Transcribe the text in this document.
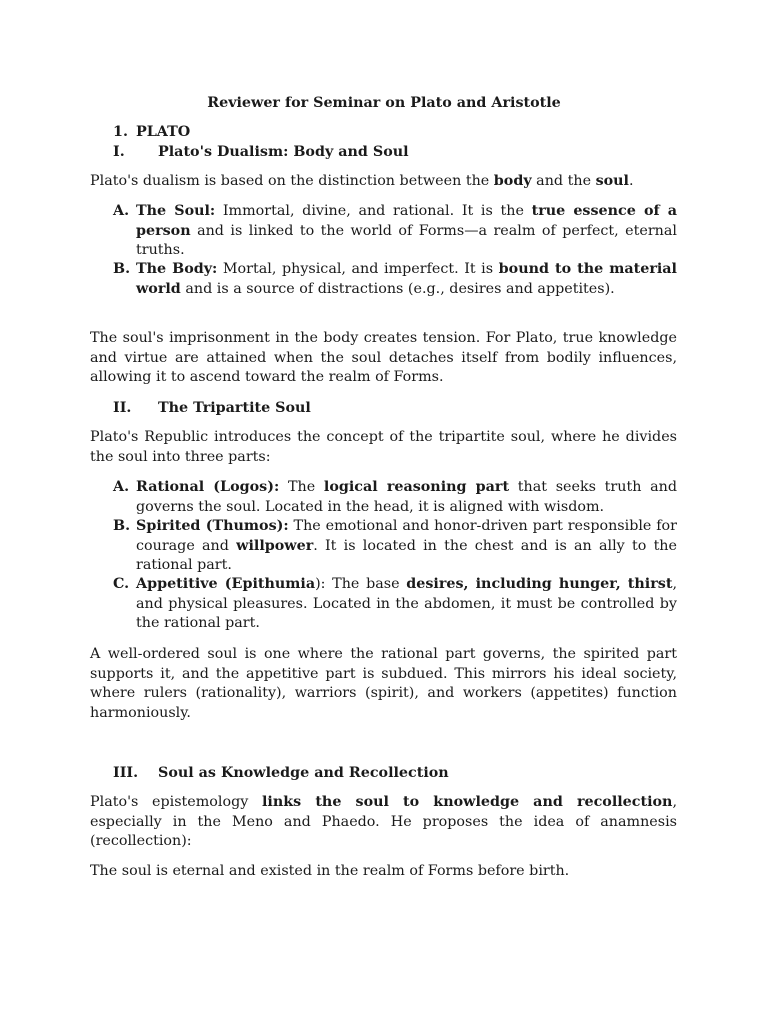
Reviewer for Seminar on Plato and Aristotle
1. PLATO
I. Plato's Dualism: Body and Soul
Plato's dualism is based on the distinction between the body and the soul.
A. The Soul: Immortal, divine, and rational. It is the true essence of a person and is linked to the world of Forms—a realm of perfect, eternal truths.
B. The Body: Mortal, physical, and imperfect. It is bound to the material world and is a source of distractions (e.g., desires and appetites).
The soul's imprisonment in the body creates tension. For Plato, true knowledge and virtue are attained when the soul detaches itself from bodily influences, allowing it to ascend toward the realm of Forms.
II. The Tripartite Soul
Plato's Republic introduces the concept of the tripartite soul, where he divides the soul into three parts:
A. Rational (Logos): The logical reasoning part that seeks truth and governs the soul. Located in the head, it is aligned with wisdom.
B. Spirited (Thumos): The emotional and honor-driven part responsible for courage and willpower. It is located in the chest and is an ally to the rational part.
C. Appetitive (Epithumia): The base desires, including hunger, thirst, and physical pleasures. Located in the abdomen, it must be controlled by the rational part.
A well-ordered soul is one where the rational part governs, the spirited part supports it, and the appetitive part is subdued. This mirrors his ideal society, where rulers (rationality), warriors (spirit), and workers (appetites) function harmoniously.
III. Soul as Knowledge and Recollection
Plato's epistemology links the soul to knowledge and recollection, especially in the Meno and Phaedo. He proposes the idea of anamnesis (recollection):
The soul is eternal and existed in the realm of Forms before birth.
